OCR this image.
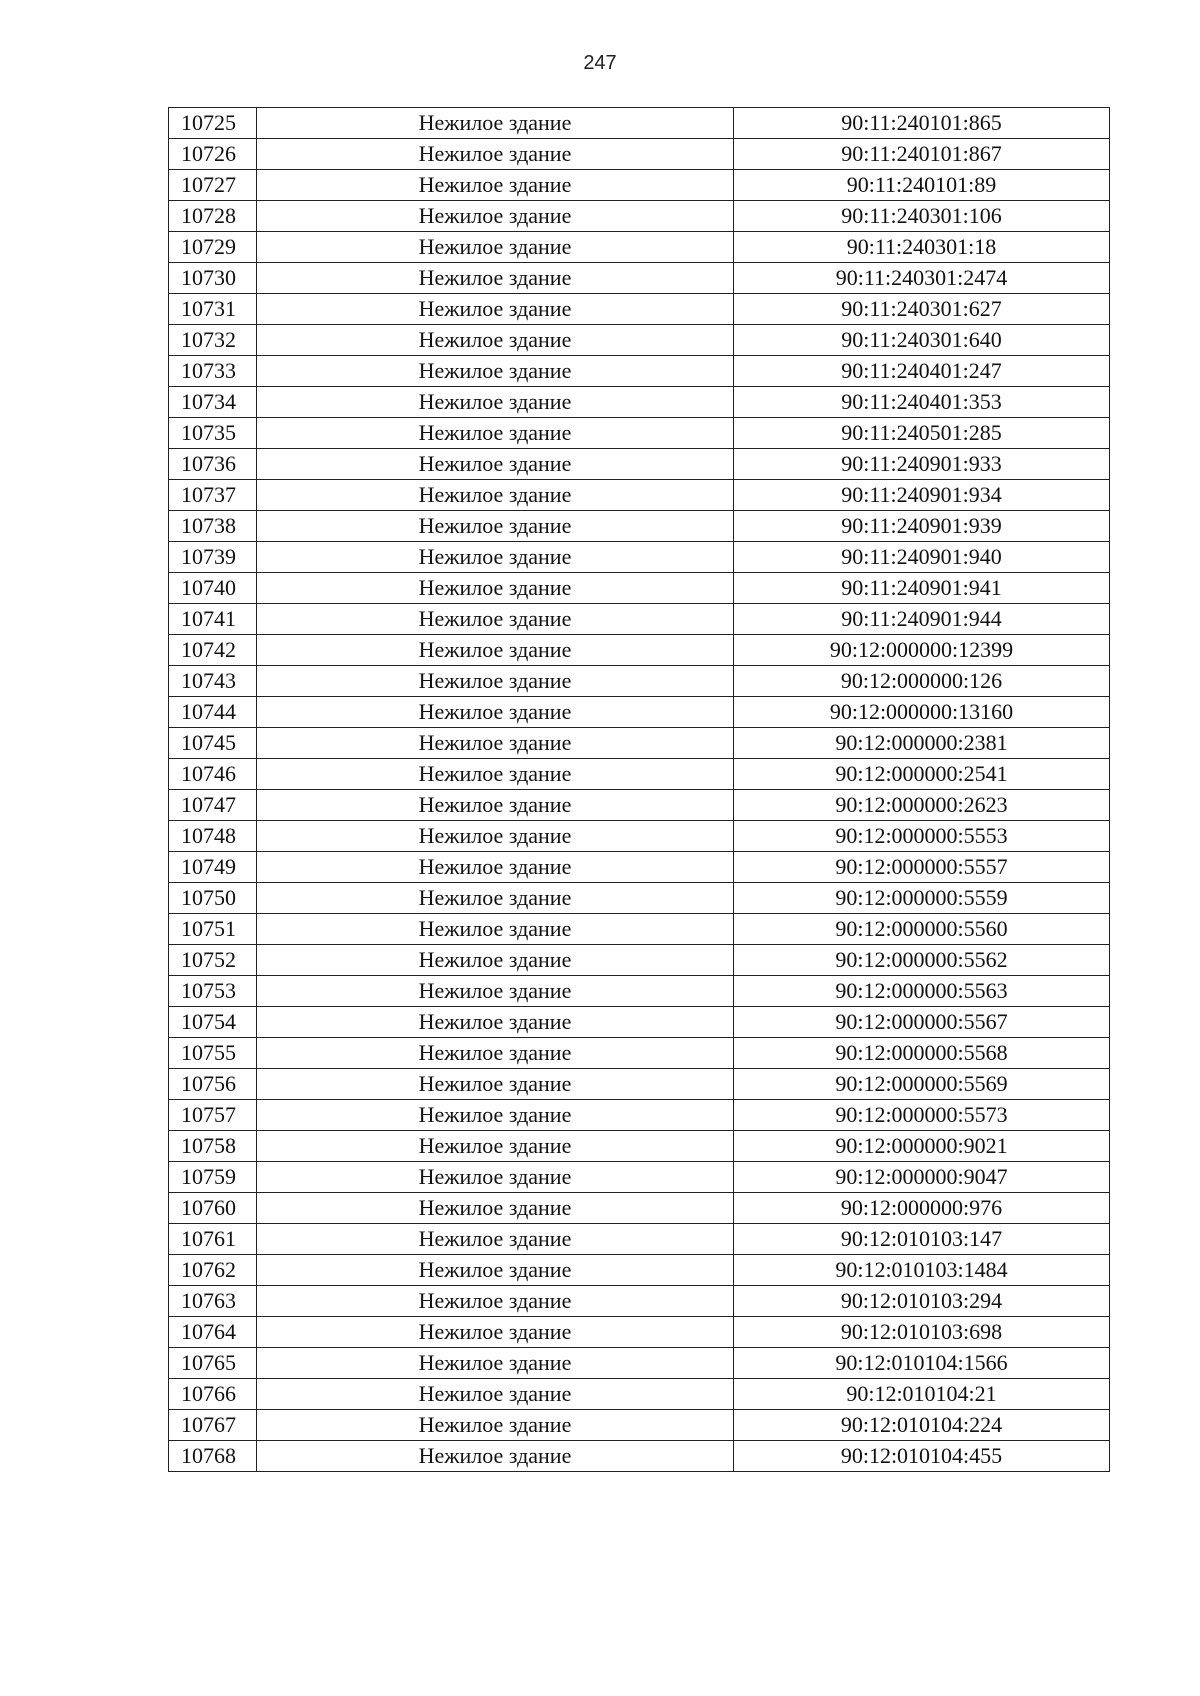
247
10725	Нежилое здание	90:11:240101:865
10726	Нежилое здание	90:11:240101:867
10727	Нежилое здание	90:11:240101:89
10728	Нежилое здание	90:11:240301:106
10729	Нежилое здание	90:11:240301:18
10730	Нежилое здание	90:11:240301:2474
10731	Нежилое здание	90:11:240301:627
10732	Нежилое здание	90:11:240301:640
10733	Нежилое здание	90:11:240401:247
10734	Нежилое здание	90:11:240401:353
10735	Нежилое здание	90:11:240501:285
10736	Нежилое здание	90:11:240901:933
10737	Нежилое здание	90:11:240901:934
10738	Нежилое здание	90:11:240901:939
10739	Нежилое здание	90:11:240901:940
10740	Нежилое здание	90:11:240901:941
10741	Нежилое здание	90:11:240901:944
10742	Нежилое здание	90:12:000000:12399
10743	Нежилое здание	90:12:000000:126
10744	Нежилое здание	90:12:000000:13160
10745	Нежилое здание	90:12:000000:2381
10746	Нежилое здание	90:12:000000:2541
10747	Нежилое здание	90:12:000000:2623
10748	Нежилое здание	90:12:000000:5553
10749	Нежилое здание	90:12:000000:5557
10750	Нежилое здание	90:12:000000:5559
10751	Нежилое здание	90:12:000000:5560
10752	Нежилое здание	90:12:000000:5562
10753	Нежилое здание	90:12:000000:5563
10754	Нежилое здание	90:12:000000:5567
10755	Нежилое здание	90:12:000000:5568
10756	Нежилое здание	90:12:000000:5569
10757	Нежилое здание	90:12:000000:5573
10758	Нежилое здание	90:12:000000:9021
10759	Нежилое здание	90:12:000000:9047
10760	Нежилое здание	90:12:000000:976
10761	Нежилое здание	90:12:010103:147
10762	Нежилое здание	90:12:010103:1484
10763	Нежилое здание	90:12:010103:294
10764	Нежилое здание	90:12:010103:698
10765	Нежилое здание	90:12:010104:1566
10766	Нежилое здание	90:12:010104:21
10767	Нежилое здание	90:12:010104:224
10768	Нежилое здание	90:12:010104:455
